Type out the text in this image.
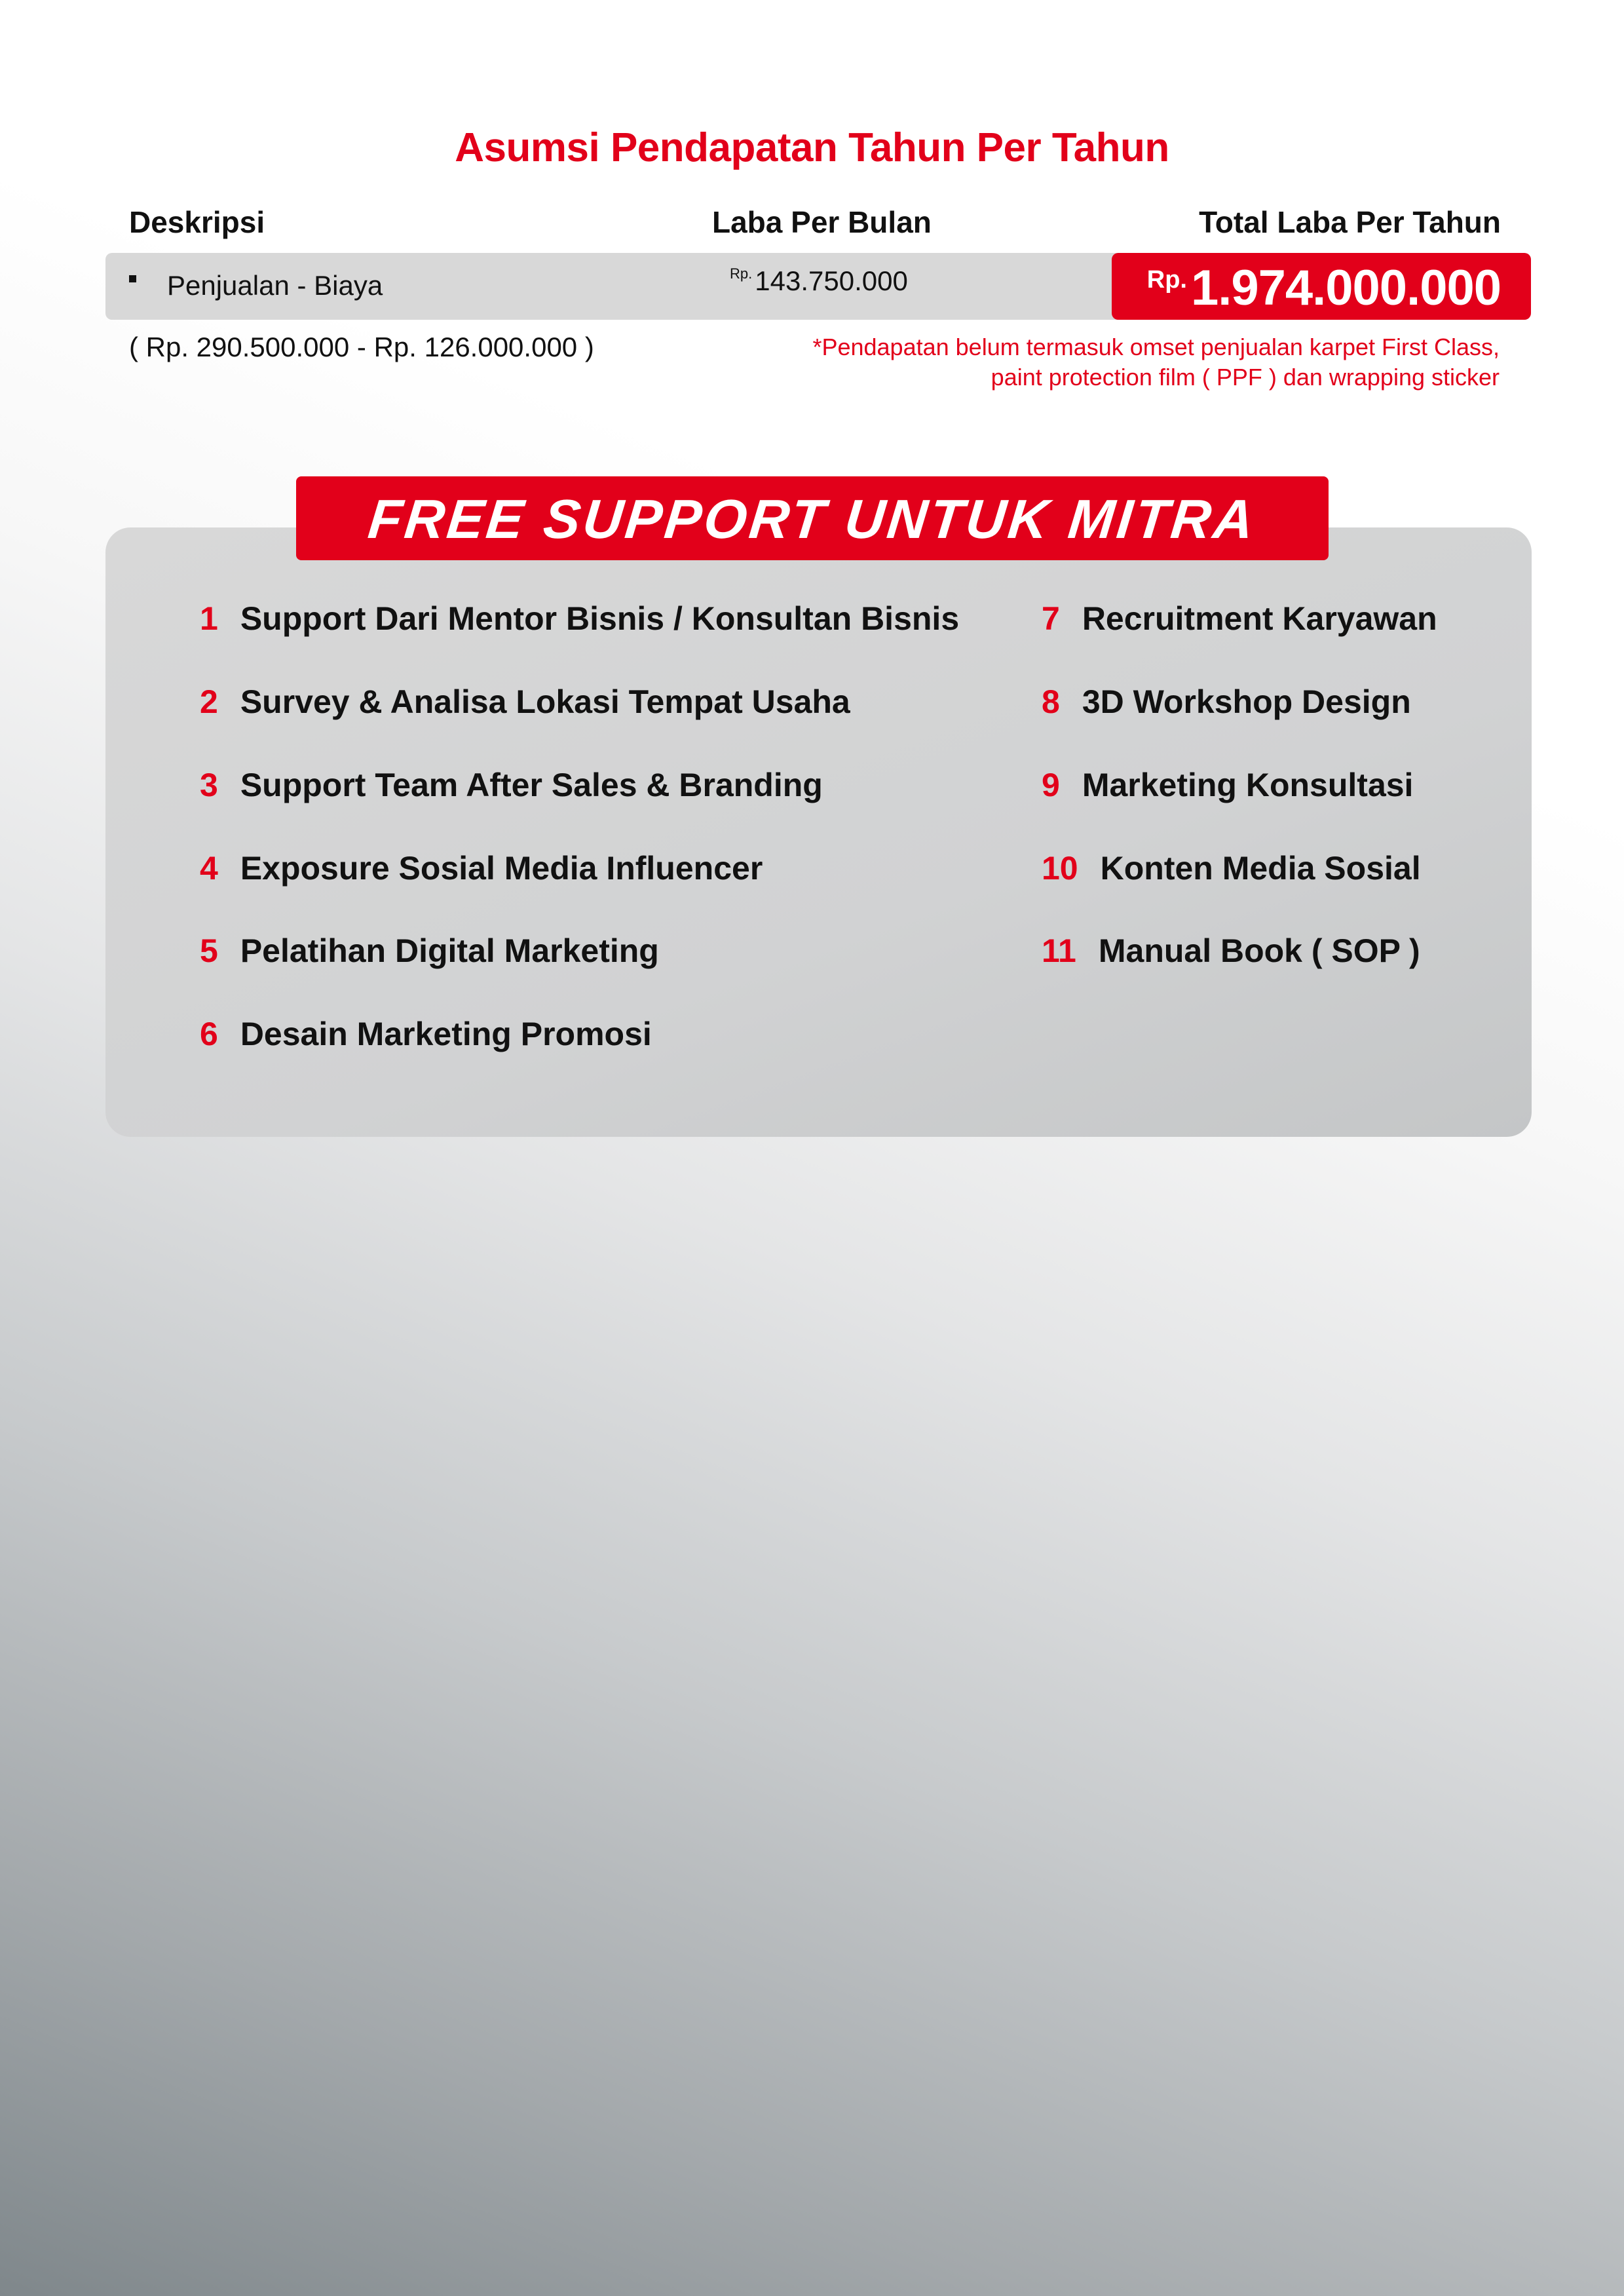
Asumsi Pendapatan Tahun Per Tahun
Deskripsi	Laba Per Bulan	Total Laba Per Tahun
Penjualan - Biaya	Rp.143.750.000	Rp.1.974.000.000
( Rp. 290.500.000 - Rp. 126.000.000 )	*Pendapatan belum termasuk omset penjualan karpet First Class,
paint protection film ( PPF ) dan wrapping sticker
FREE SUPPORT UNTUK MITRA
1 Support Dari Mentor Bisnis / Konsultan Bisnis
2 Survey & Analisa Lokasi Tempat Usaha
3 Support Team After Sales & Branding
4 Exposure Sosial Media Influencer
5 Pelatihan Digital Marketing
6 Desain Marketing Promosi
7 Recruitment Karyawan
8 3D Workshop Design
9 Marketing Konsultasi
10 Konten Media Sosial
11 Manual Book ( SOP )
